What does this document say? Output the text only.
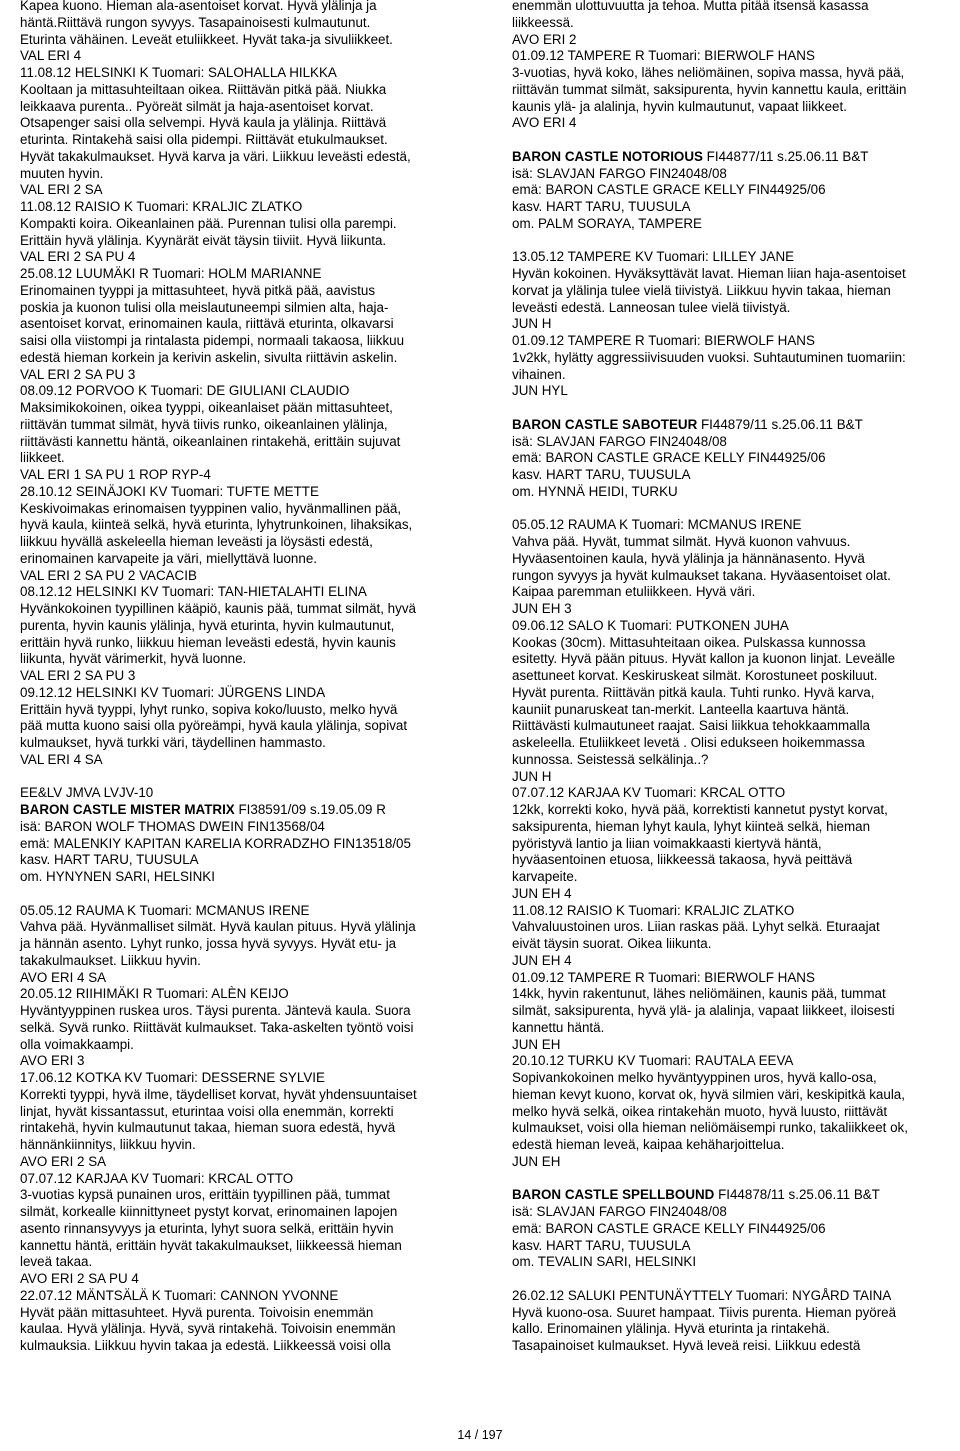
Kapea kuono. Hieman ala-asentoiset korvat. Hyvä ylälinja ja
häntä.Riittävä rungon syvyys. Tasapainoisesti kulmautunut.
Eturinta vähäinen. Leveät etuliikkeet. Hyvät taka-ja sivuliikkeet.
VAL ERI 4
11.08.12 HELSINKI K Tuomari: SALOHALLA HILKKA
Kooltaan ja mittasuhteiltaan oikea. Riittävän pitkä pää. Niukka
leikkaava purenta.. Pyöreät silmät ja haja-asentoiset korvat.
Otsapenger saisi olla selvempi. Hyvä kaula ja ylälinja. Riittävä
eturinta. Rintakehä saisi olla pidempi. Riittävät etukulmaukset.
Hyvät takakulmaukset. Hyvä karva ja väri. Liikkuu leveästi edestä,
muuten hyvin.
VAL ERI 2 SA
11.08.12 RAISIO K Tuomari: KRALJIC ZLATKO
Kompakti koira. Oikeanlainen pää. Purennan tulisi olla parempi.
Erittäin hyvä ylälinja. Kyynärät eivät täysin tiiviit. Hyvä liikunta.
VAL ERI 2 SA PU 4
25.08.12 LUUMÄKI R Tuomari: HOLM MARIANNE
Erinomainen tyyppi ja mittasuhteet, hyvä pitkä pää, aavistus
poskia ja kuonon tulisi olla meislautuneempi silmien alta, haja-
asentoiset korvat, erinomainen kaula, riittävä eturinta, olkavarsi
saisi olla viistompi ja rintalasta pidempi, normaali takaosa, liikkuu
edestä hieman korkein ja kerivin askelin, sivulta riittävin askelin.
VAL ERI 2 SA PU 3
08.09.12 PORVOO K Tuomari: DE GIULIANI CLAUDIO
Maksimikokoinen, oikea tyyppi, oikeanlaiset pään mittasuhteet,
riittävän tummat silmät, hyvä tiivis runko, oikeanlainen ylälinja,
riittävästi kannettu häntä, oikeanlainen rintakehä, erittäin sujuvat
liikkeet.
VAL ERI 1 SA PU 1 ROP RYP-4
28.10.12 SEINÄJOKI KV Tuomari: TUFTE METTE
Keskivoimakas erinomaisen tyyppinen valio, hyvänmallinen pää,
hyvä kaula, kiinteä selkä, hyvä eturinta, lyhytrunkoinen, lihaksikas,
liikkuu hyvällä askeleella hieman leveästi ja löysästi edestä,
erinomainen karvapeite ja väri, miellyttävä luonne.
VAL ERI 2 SA PU 2 VACACIB
08.12.12 HELSINKI KV Tuomari: TAN-HIETALAHTI ELINA
Hyvänkokoinen tyypillinen kääpiö, kaunis pää, tummat silmät, hyvä
purenta, hyvin kaunis ylälinja, hyvä eturinta, hyvin kulmautunut,
erittäin hyvä runko, liikkuu hieman leveästi edestä, hyvin kaunis
liikunta, hyvät värimerkit, hyvä luonne.
VAL ERI 2 SA PU 3
09.12.12 HELSINKI KV Tuomari: JÜRGENS LINDA
Erittäin hyvä tyyppi, lyhyt runko, sopiva koko/luusto, melko hyvä
pää mutta kuono saisi olla pyöreämpi, hyvä kaula ylälinja, sopivat
kulmaukset, hyvä turkki väri, täydellinen hammasto.
VAL ERI 4 SA
EE&LV JMVA LVJV-10
BARON CASTLE MISTER MATRIX FI38591/09 s.19.05.09 R
isä: BARON WOLF THOMAS DWEIN FIN13568/04
emä: MALENKIY KAPITAN KARELIA KORRADZHO FIN13518/05
kasv. HART TARU, TUUSULA
om. HYNYNEN SARI, HELSINKI
05.05.12 RAUMA K Tuomari: MCMANUS IRENE
Vahva pää. Hyvänmalliset silmät. Hyvä kaulan pituus. Hyvä ylälinja
ja hännän asento. Lyhyt runko, jossa hyvä syvyys. Hyvät etu- ja
takakulmaukset. Liikkuu hyvin.
AVO ERI 4 SA
20.05.12 RIIHIMÄKI R Tuomari: ALÈN KEIJO
Hyväntyyppinen ruskea uros. Täysi purenta. Jäntevä kaula. Suora
selkä. Syvä runko. Riittävät kulmaukset. Taka-askelten työntö voisi
olla voimakkaampi.
AVO ERI 3
17.06.12 KOTKA KV Tuomari: DESSERNE SYLVIE
Korrekti tyyppi, hyvä ilme, täydelliset korvat, hyvät yhdensuuntaiset
linjat, hyvät kissantassut, eturintaa voisi olla enemmän, korrekti
rintakehä, hyvin kulmautunut takaa, hieman suora edestä, hyvä
hännänkiinnitys, liikkuu hyvin.
AVO ERI 2 SA
07.07.12 KARJAA KV Tuomari: KRCAL OTTO
3-vuotias kypsä punainen uros, erittäin tyypillinen pää, tummat
silmät, korkealle kiinnittyneet pystyt korvat, erinomainen lapojen
asento rinnansyvyys ja eturinta, lyhyt suora selkä, erittäin hyvin
kannettu häntä, erittäin hyvät takakulmaukset, liikkeessä hieman
leveä takaa.
AVO ERI 2 SA PU 4
22.07.12 MÄNTSÄLÄ K Tuomari: CANNON YVONNE
Hyvät pään mittasuhteet. Hyvä purenta. Toivoisin enemmän
kaulaa. Hyvä ylälinja. Hyvä, syvä rintakehä. Toivoisin enemmän
kulmauksia. Liikkuu hyvin takaa ja edestä. Liikkeessä voisi olla
enemmän ulottuvuutta ja tehoa. Mutta pitää itsensä kasassa
liikkeessä.
AVO ERI 2
01.09.12 TAMPERE R Tuomari: BIERWOLF HANS
3-vuotias, hyvä koko, lähes neliömäinen, sopiva massa, hyvä pää,
riittävän tummat silmät, saksipurenta, hyvin kannettu kaula, erittäin
kaunis ylä- ja alalinja, hyvin kulmautunut, vapaat liikkeet.
AVO ERI 4
BARON CASTLE NOTORIOUS FI44877/11 s.25.06.11 B&T
isä: SLAVJAN FARGO FIN24048/08
emä: BARON CASTLE GRACE KELLY FIN44925/06
kasv. HART TARU, TUUSULA
om. PALM SORAYA, TAMPERE
13.05.12 TAMPERE KV Tuomari: LILLEY JANE
Hyvän kokoinen. Hyväksyttävät lavat. Hieman liian haja-asentoiset
korvat ja ylälinja tulee vielä tiivistyä. Liikkuu hyvin takaa, hieman
leveästi edestä. Lanneosan tulee vielä tiivistyä.
JUN H
01.09.12 TAMPERE R Tuomari: BIERWOLF HANS
1v2kk, hylätty aggressiivisuuden vuoksi. Suhtautuminen tuomariin:
vihainen.
JUN HYL
BARON CASTLE SABOTEUR FI44879/11 s.25.06.11 B&T
isä: SLAVJAN FARGO FIN24048/08
emä: BARON CASTLE GRACE KELLY FIN44925/06
kasv. HART TARU, TUUSULA
om. HYNNÄ HEIDI, TURKU
05.05.12 RAUMA K Tuomari: MCMANUS IRENE
Vahva pää. Hyvät, tummat silmät. Hyvä kuonon vahvuus.
Hyväasentoinen kaula, hyvä ylälinja ja hännänasento. Hyvä
rungon syvyys ja hyvät kulmaukset takana. Hyväasentoiset olat.
Kaipaa paremman etuliikkeen. Hyvä väri.
JUN EH 3
09.06.12 SALO K Tuomari: PUTKONEN JUHA
Kookas (30cm). Mittasuhteitaan oikea. Pulskassa kunnossa
esitetty. Hyvä pään pituus. Hyvät kallon ja kuonon linjat. Leveälle
asettuneet korvat. Keskiruskeat silmät. Korostuneet poskiluut.
Hyvät purenta. Riittävän pitkä kaula. Tuhti runko. Hyvä karva,
kauniit punaruskeat tan-merkit. Lanteella kaartuva häntä.
Riittävästi kulmautuneet raajat. Saisi liikkua tehokkaammalla
askeleella. Etuliikkeet levetä . Olisi edukseen hoikemmassa
kunnossa. Seistessä selkälinja..?
JUN H
07.07.12 KARJAA KV Tuomari: KRCAL OTTO
12kk, korrekti koko, hyvä pää, korrektisti kannetut pystyt korvat,
saksipurenta, hieman lyhyt kaula, lyhyt kiinteä selkä, hieman
pyöristyvä lantio ja liian voimakkaasti kiertyvä häntä,
hyväasentoinen etuosa, liikkeessä takaosa, hyvä peittävä
karvapeite.
JUN EH 4
11.08.12 RAISIO K Tuomari: KRALJIC ZLATKO
Vahvaluustoinen uros. Liian raskas pää. Lyhyt selkä. Eturaajat
eivät täysin suorat. Oikea liikunta.
JUN EH 4
01.09.12 TAMPERE R Tuomari: BIERWOLF HANS
14kk, hyvin rakentunut, lähes neliömäinen, kaunis pää, tummat
silmät, saksipurenta, hyvä ylä- ja alalinja, vapaat liikkeet, iloisesti
kannettu häntä.
JUN EH
20.10.12 TURKU KV Tuomari: RAUTALA EEVA
Sopivankokoinen melko hyväntyyppinen uros, hyvä kallo-osa,
hieman kevyt kuono, korvat ok, hyvä silmien väri, keskipitkä kaula,
melko hyvä selkä, oikea rintakehän muoto, hyvä luusto, riittävät
kulmaukset, voisi olla hieman neliömäisempi runko, takaliikkeet ok,
edestä hieman leveä, kaipaa kehäharjoittelua.
JUN EH
BARON CASTLE SPELLBOUND FI44878/11 s.25.06.11 B&T
isä: SLAVJAN FARGO FIN24048/08
emä: BARON CASTLE GRACE KELLY FIN44925/06
kasv. HART TARU, TUUSULA
om. TEVALIN SARI, HELSINKI
26.02.12 SALUKI PENTUNÄYTTELY Tuomari: NYGÅRD TAINA
Hyvä kuono-osa. Suuret hampaat. Tiivis purenta. Hieman pyöreä
kallo. Erinomainen ylälinja. Hyvä eturinta ja rintakehä.
Tasapainoiset kulmaukset. Hyvä leveä reisi. Liikkuu edestä
14 / 197
